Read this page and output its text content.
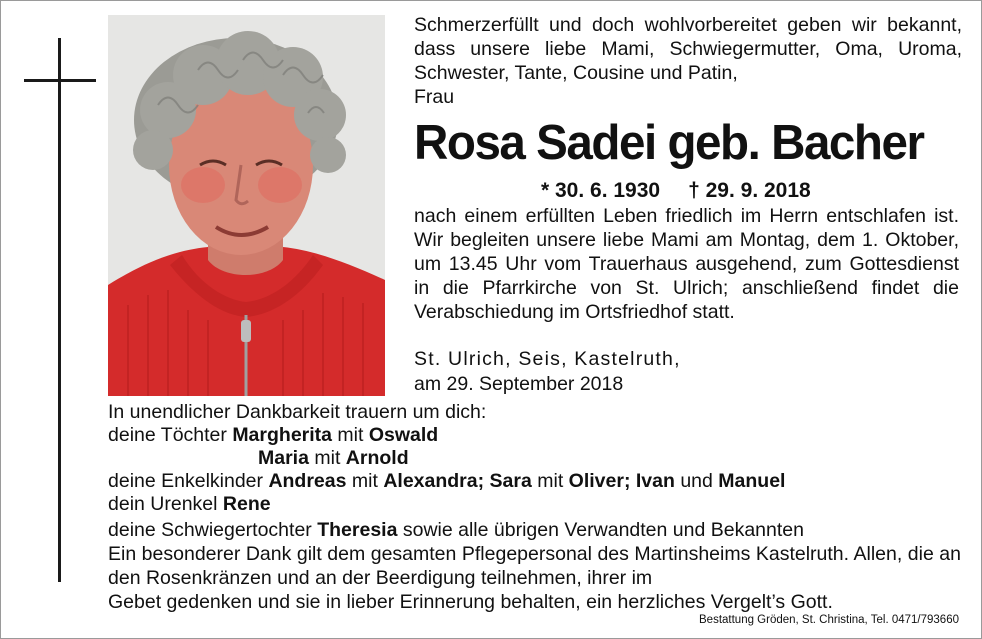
Schmerzerfüllt und doch wohlvorbereitet geben wir bekannt, dass unsere liebe Mami, Schwiegermutter, Oma, Uroma, Schwester, Tante, Cousine und Patin,

Frau
Rosa Sadei geb. Bacher
* 30. 6. 1930 † 29. 9. 2018

nach einem erfüllten Leben friedlich im Herrn entschlafen ist. Wir begleiten unsere liebe Mami am Montag, dem 1. Oktober, um 13.45 Uhr vom Trauerhaus ausgehend, zum Gottesdienst in die Pfarrkirche von St. Ulrich; anschließend findet die Verabschiedung im Ortsfriedhof statt.

St. Ulrich, Seis, Kastelruth,
am 29. September 2018
In unendlicher Dankbarkeit trauern um dich:
deine Töchter Margherita mit Oswald
Maria mit Arnold
deine Enkelkinder Andreas mit Alexandra; Sara mit Oliver; Ivan und Manuel
dein Urenkel Rene
deine Schwiegertochter Theresia sowie alle übrigen Verwandten und Bekannten

Ein besonderer Dank gilt dem gesamten Pflegepersonal des Martinsheims Kastelruth. Allen, die an den Rosenkränzen und an der Beerdigung teilnehmen, ihrer im

Gebet gedenken und sie in lieber Erinnerung behalten, ein herzliches Vergelt’s Gott.
Bestattung Gröden, St. Christina, Tel. 0471/793660
